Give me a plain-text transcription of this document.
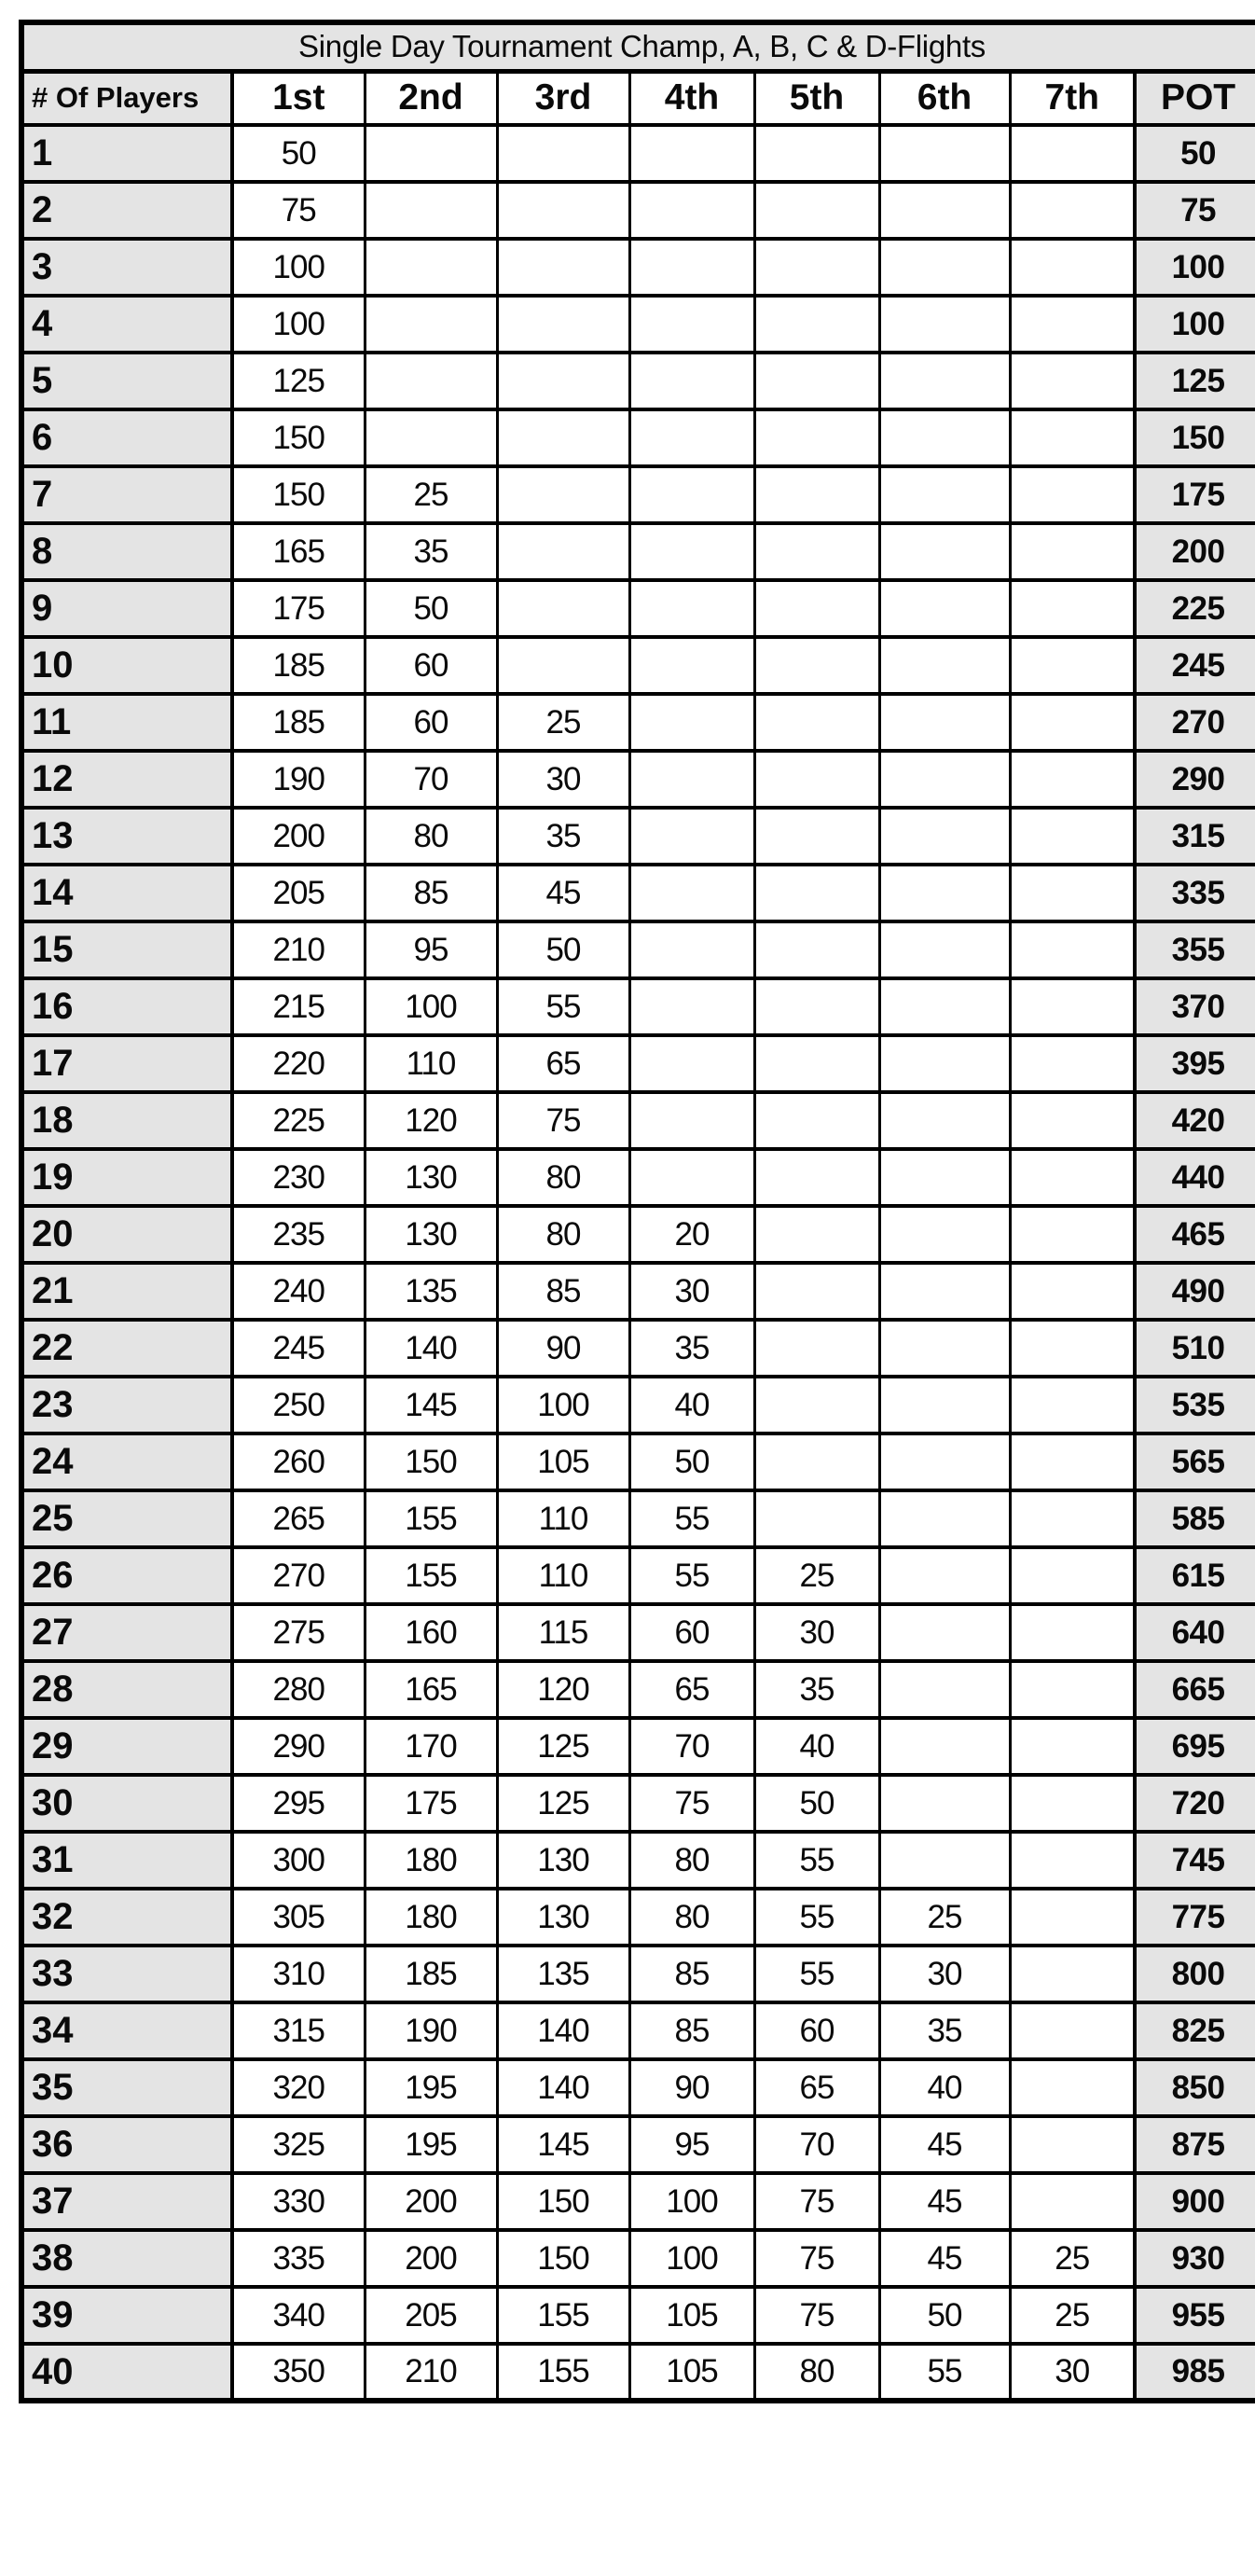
Single Day Tournament Champ, A, B, C & D-Flights								
# Of Players	1st	2nd	3rd	4th	5th	6th	7th	POT
1	50							50
2	75							75
3	100							100
4	100							100
5	125							125
6	150							150
7	150	25						175
8	165	35						200
9	175	50						225
10	185	60						245
11	185	60	25					270
12	190	70	30					290
13	200	80	35					315
14	205	85	45					335
15	210	95	50					355
16	215	100	55					370
17	220	110	65					395
18	225	120	75					420
19	230	130	80					440
20	235	130	80	20				465
21	240	135	85	30				490
22	245	140	90	35				510
23	250	145	100	40				535
24	260	150	105	50				565
25	265	155	110	55				585
26	270	155	110	55	25			615
27	275	160	115	60	30			640
28	280	165	120	65	35			665
29	290	170	125	70	40			695
30	295	175	125	75	50			720
31	300	180	130	80	55			745
32	305	180	130	80	55	25		775
33	310	185	135	85	55	30		800
34	315	190	140	85	60	35		825
35	320	195	140	90	65	40		850
36	325	195	145	95	70	45		875
37	330	200	150	100	75	45		900
38	335	200	150	100	75	45	25	930
39	340	205	155	105	75	50	25	955
40	350	210	155	105	80	55	30	985
